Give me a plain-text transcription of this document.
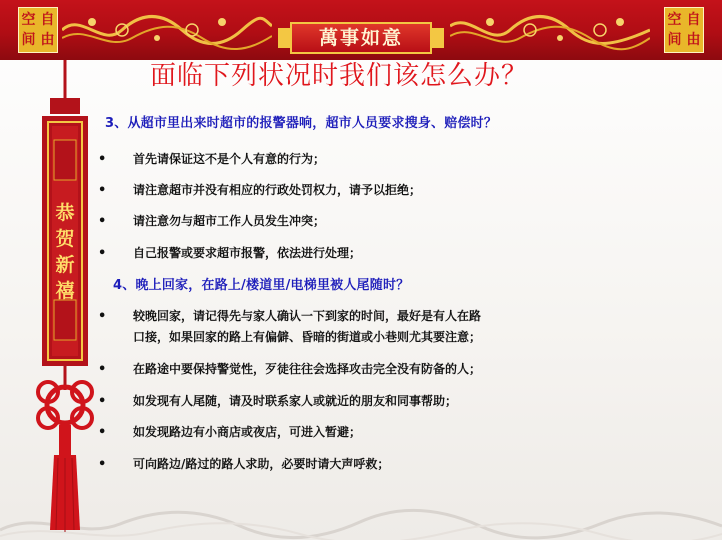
空 自
间 由
空 自
间 由
萬事如意
恭
贺
新
禧
面临下列状况时我们该怎么办？
3、从超市里出来时超市的报警器响，超市人员要求搜身、赔偿时？
• 首先请保证这不是个人有意的行为；
• 请注意超市并没有相应的行政处罚权力，请予以拒绝；
• 请注意勿与超市工作人员发生冲突；
• 自己报警或要求超市报警，依法进行处理；
4、晚上回家，在路上/楼道里/电梯里被人尾随时？
• 较晚回家，请记得先与家人确认一下到家的时间，最好是有人在路
口接，如果回家的路上有偏僻、昏暗的街道或小巷则尤其要注意；
• 在路途中要保持警觉性，歹徒往往会选择攻击完全没有防备的人；
• 如发现有人尾随，请及时联系家人或就近的朋友和同事帮助；
• 如发现路边有小商店或夜店，可进入暂避；
• 可向路边/路过的路人求助，必要时请大声呼救；
